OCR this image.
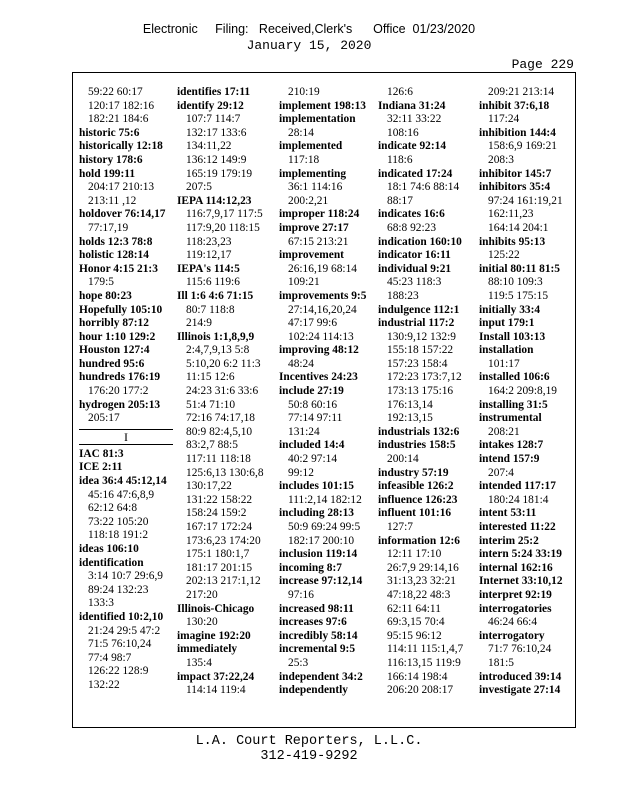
Electronic     Filing:   Received,Clerk's      Office  01/23/2020
January 15, 2020
Page 229
59:22 60:17
120:17 182:16
182:21 184:6
historic 75:6
historically 12:18
history 178:6
hold 199:11
204:17 210:13
213:11 ,12
holdover 76:14,17
77:17,19
holds 12:3 78:8
holistic 128:14
Honor 4:15 21:3
179:5
hope 80:23
Hopefully 105:10
horribly 87:12
hour 1:10 129:2
Houston 127:4
hundred 95:6
hundreds 176:19
176:20 177:2
hydrogen 205:13
205:17
I
IAC 81:3
ICE 2:11
idea 36:4 45:12,14
45:16 47:6,8,9
62:12 64:8
73:22 105:20
118:18 191:2
ideas 106:10
identification
3:14 10:7 29:6,9
89:24 132:23
133:3
identified 10:2,10
21:24 29:5 47:2
71:5 76:10,24
77:4 98:7
126:22 128:9
132:22
identifies 17:11
identify 29:12
107:7 114:7
132:17 133:6
134:11,22
136:12 149:9
165:19 179:19
207:5
IEPA 114:12,23
116:7,9,17 117:5
117:9,20 118:15
118:23,23
119:12,17
IEPA's 114:5
115:6 119:6
Ill 1:6 4:6 71:15
80:7 118:8
214:9
Illinois 1:1,8,9,9
2:4,7,9,13 5:8
5:10,20 6:2 11:3
11:15 12:6
24:23 31:6 33:6
51:4 71:10
72:16 74:17,18
80:9 82:4,5,10
83:2,7 88:5
117:11 118:18
125:6,13 130:6,8
130:17,22
131:22 158:22
158:24 159:2
167:17 172:24
173:6,23 174:20
175:1 180:1,7
181:17 201:15
202:13 217:1,12
217:20
Illinois-Chicago
130:20
imagine 192:20
immediately
135:4
impact 37:22,24
114:14 119:4
210:19
implement 198:13
implementation
28:14
implemented
117:18
implementing
36:1 114:16
200:2,21
improper 118:24
improve 27:17
67:15 213:21
improvement
26:16,19 68:14
109:21
improvements 9:5
27:14,16,20,24
47:17 99:6
102:24 114:13
improving 48:12
48:24
Incentives 24:23
include 27:19
50:8 60:16
77:14 97:11
131:24
included 14:4
40:2 97:14
99:12
includes 101:15
111:2,14 182:12
including 28:13
50:9 69:24 99:5
182:17 200:10
inclusion 119:14
incoming 8:7
increase 97:12,14
97:16
increased 98:11
increases 97:6
incredibly 58:14
incremental 9:5
25:3
independent 34:2
independently
126:6
Indiana 31:24
32:11 33:22
108:16
indicate 92:14
118:6
indicated 17:24
18:1 74:6 88:14
88:17
indicates 16:6
68:8 92:23
indication 160:10
indicator 16:11
individual 9:21
45:23 118:3
188:23
indulgence 112:1
industrial 117:2
130:9,12 132:9
155:18 157:22
157:23 158:4
172:23 173:7,12
173:13 175:16
176:13,14
192:13,15
industrials 132:6
industries 158:5
200:14
industry 57:19
infeasible 126:2
influence 126:23
influent 101:16
127:7
information 12:6
12:11 17:10
26:7,9 29:14,16
31:13,23 32:21
47:18,22 48:3
62:11 64:11
69:3,15 70:4
95:15 96:12
114:11 115:1,4,7
116:13,15 119:9
166:14 198:4
206:20 208:17
209:21 213:14
inhibit 37:6,18
117:24
inhibition 144:4
158:6,9 169:21
208:3
inhibitor 145:7
inhibitors 35:4
97:24 161:19,21
162:11,23
164:14 204:1
inhibits 95:13
125:22
initial 80:11 81:5
88:10 109:3
119:5 175:15
initially 33:4
input 179:1
Install 103:13
installation
101:17
installed 106:6
164:2 209:8,19
installing 31:5
instrumental
208:21
intakes 128:7
intend 157:9
207:4
intended 117:17
180:24 181:4
intent 53:11
interested 11:22
interim 25:2
intern 5:24 33:19
internal 162:16
Internet 33:10,12
interpret 92:19
interrogatories
46:24 66:4
interrogatory
71:7 76:10,24
181:5
introduced 39:14
investigate 27:14
L.A. Court Reporters, L.L.C.
312-419-9292
